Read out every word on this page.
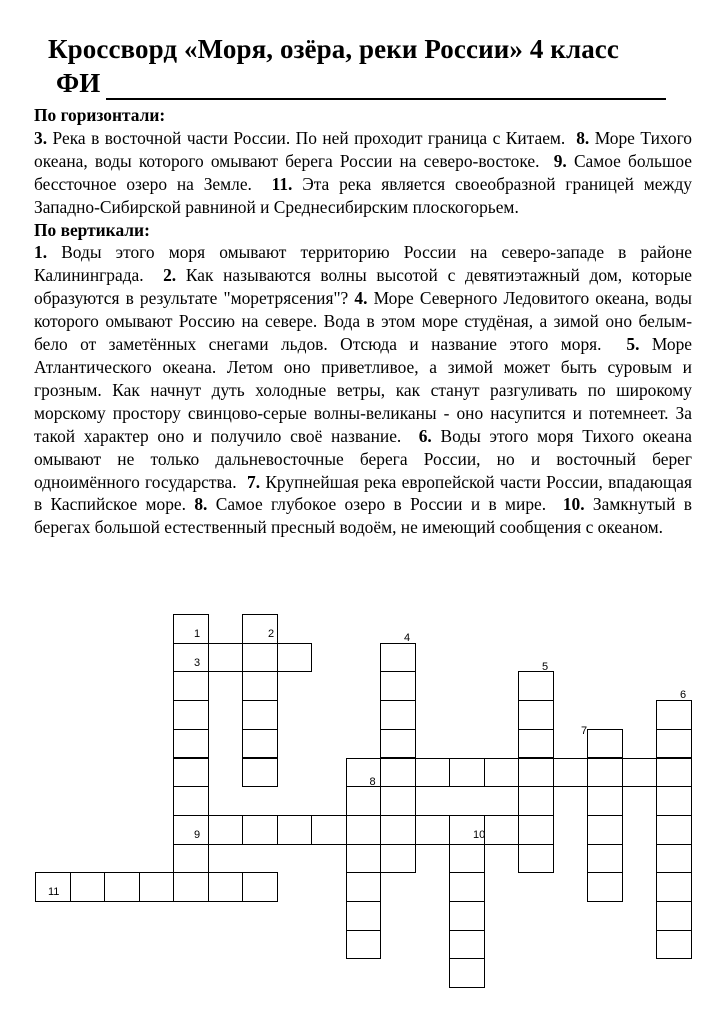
Кроссворд «Моря, озёра, реки России» 4 класс
ФИ
По горизонтали:
3. Река в восточной части России. По ней проходит граница с Китаем. 8. Море Тихого океана, воды которого омывают берега России на северо-востоке. 9. Самое большое бессточное озеро на Земле. 11. Эта река является своеобразной границей между Западно-Сибирской равниной и Среднесибирским плоскогорьем.
По вертикали:
1. Воды этого моря омывают территорию России на северо-западе в районе Калининграда. 2. Как называются волны высотой с девятиэтажный дом, которые образуются в результате "моретрясения"? 4. Море Северного Ледовитого океана, воды которого омывают Россию на севере. Вода в этом море студёная, а зимой оно белым-бело от заметённых снегами льдов. Отсюда и название этого моря. 5. Море Атлантического океана. Летом оно приветливое, а зимой может быть суровым и грозным. Как начнут дуть холодные ветры, как станут разгуливать по широкому морскому простору свинцово-серые волны-великаны - оно насупится и потемнеет. За такой характер оно и получило своё название. 6. Воды этого моря Тихого океана омывают не только дальневосточные берега России, но и восточный берег одноимённого государства. 7. Крупнейшая река европейской части России, впадающая в Каспийское море. 8. Самое глубокое озеро в России и в мире. 10. Замкнутый в берегах большой естественный пресный водоём, не имеющий сообщения с океаном.
1	2
3
4
5
6
7
8
9	10
11
